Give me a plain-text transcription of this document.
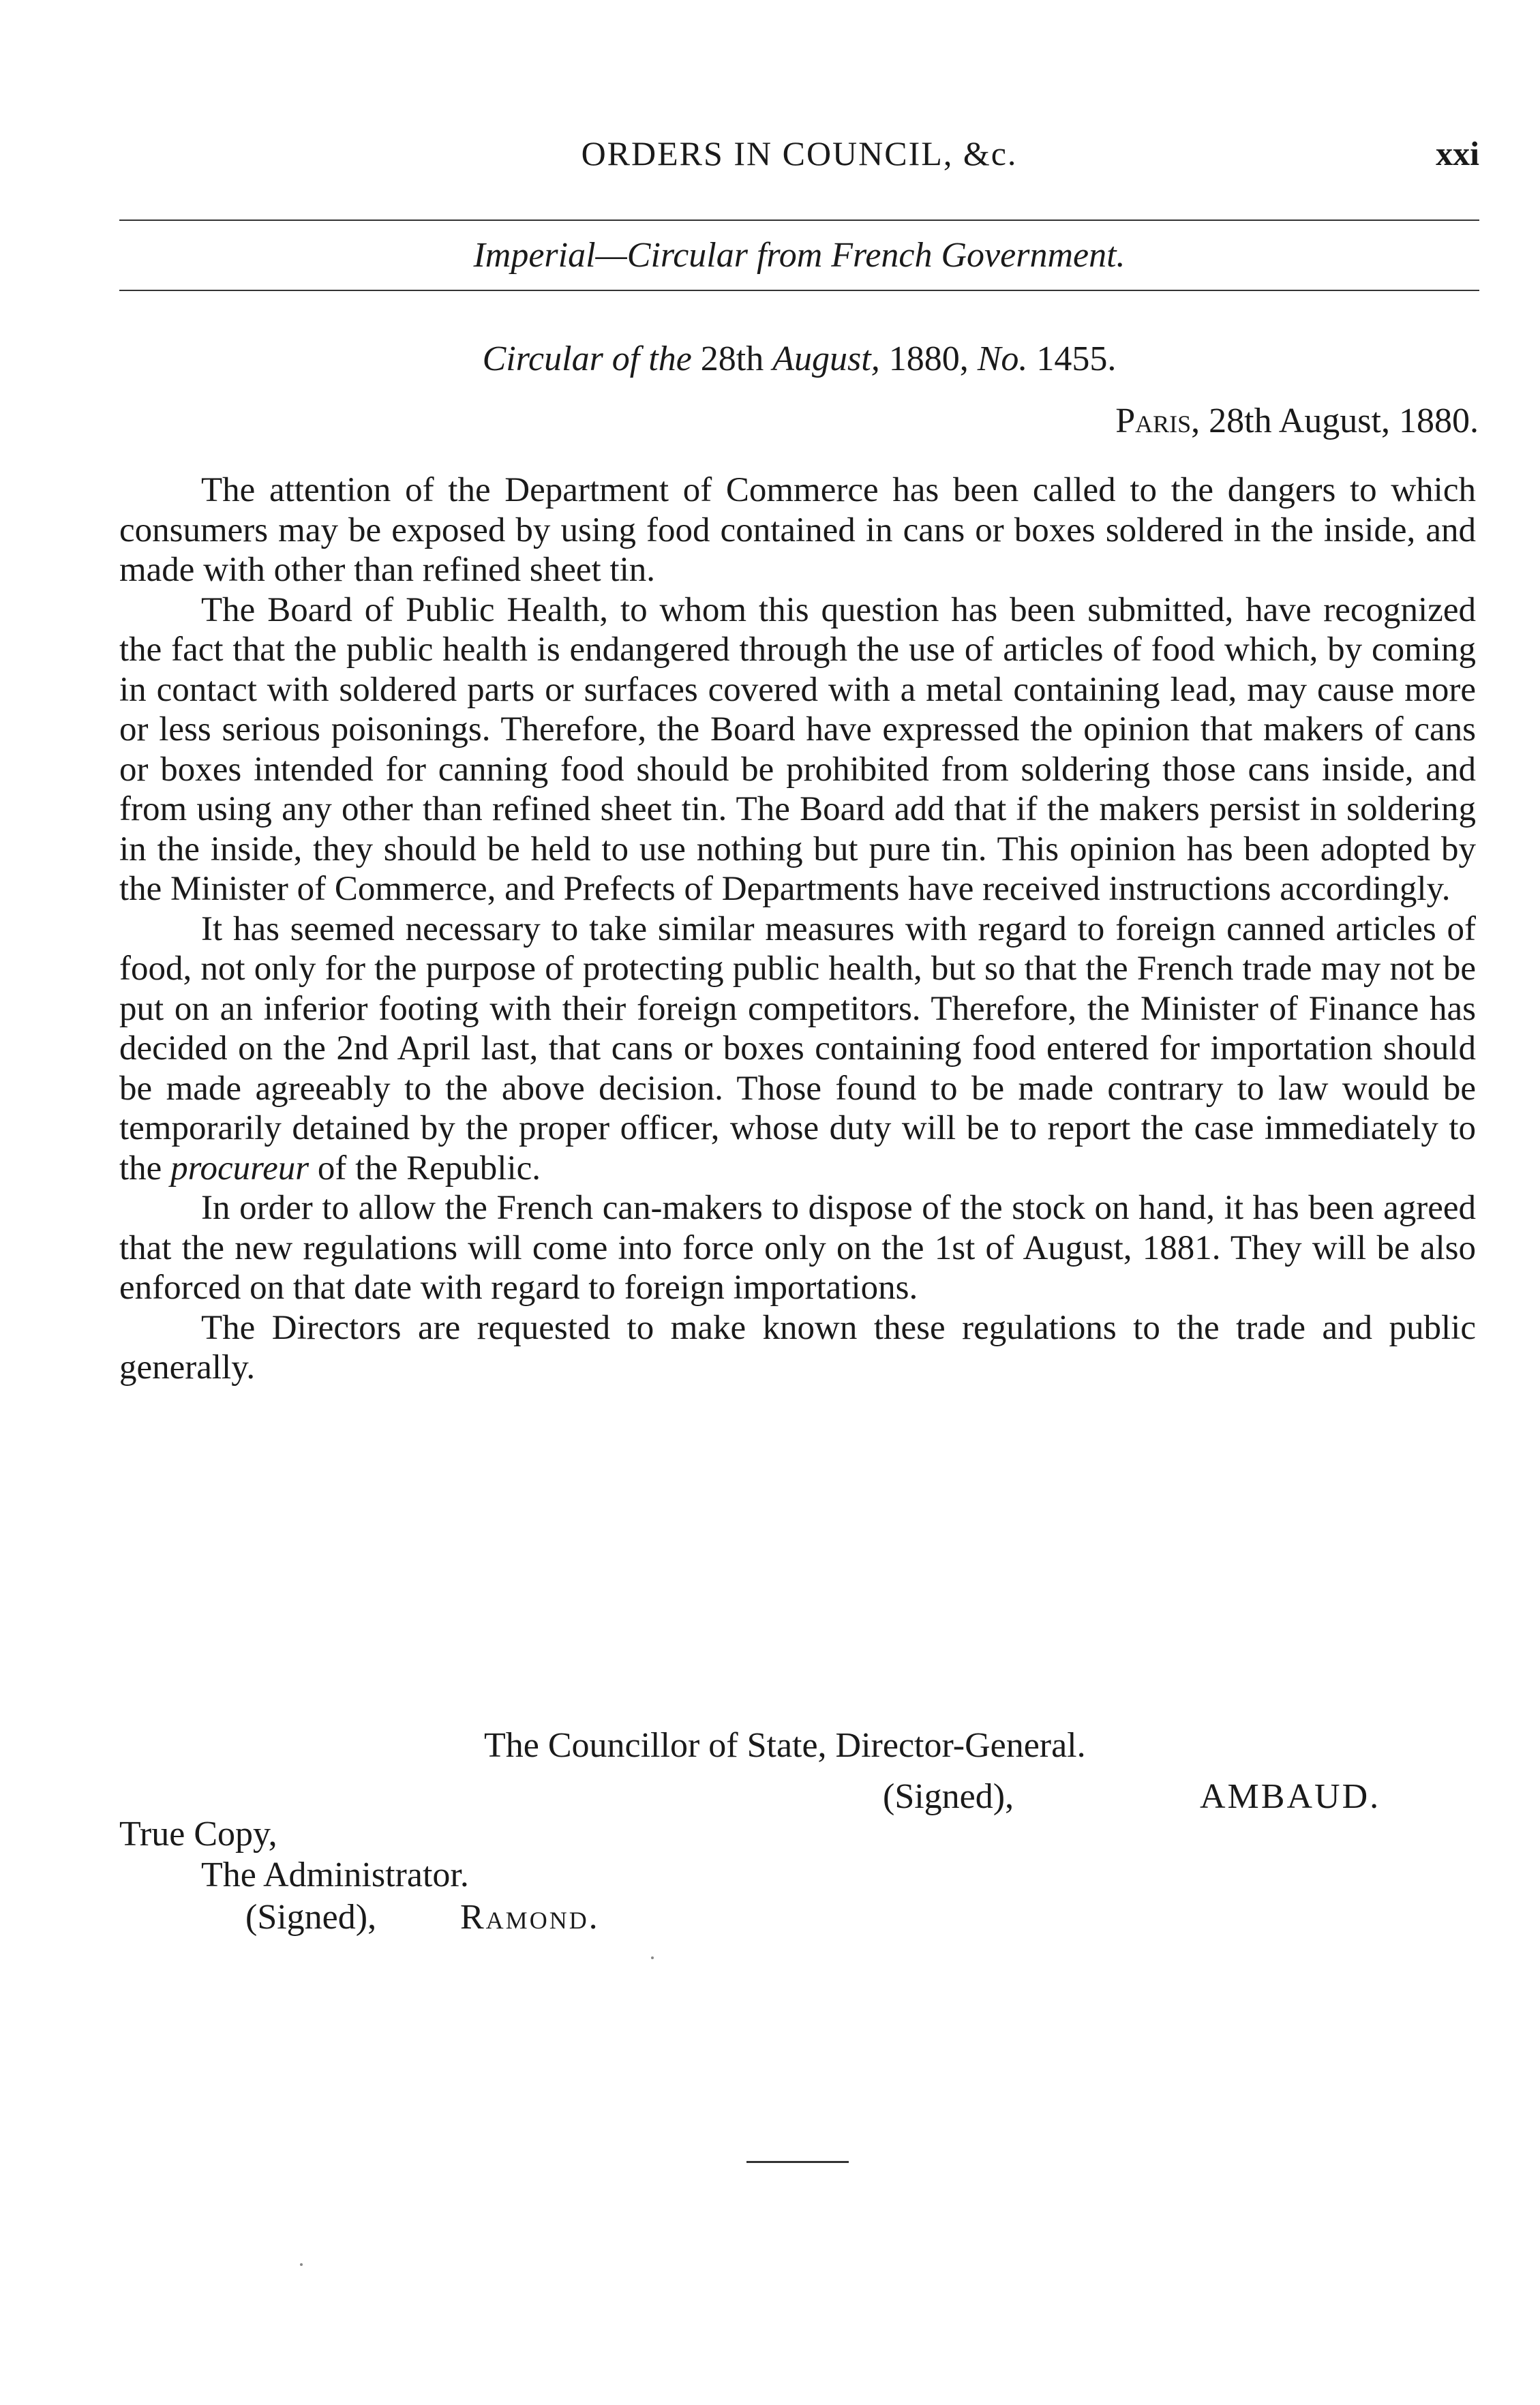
ORDERS IN COUNCIL, &c.	xxi
Imperial—Circular from French Government.
Circular of the 28th August, 1880, No. 1455.
Paris, 28th August, 1880.

The attention of the Department of Commerce has been called to the dangers to which consumers may be exposed by using food contained in cans or boxes soldered in the inside, and made with other than refined sheet tin.

The Board of Public Health, to whom this question has been submitted, have recognized the fact that the public health is endangered through the use of articles of food which, by coming in contact with soldered parts or surfaces covered with a metal containing lead, may cause more or less serious poisonings. Therefore, the Board have expressed the opinion that makers of cans or boxes intended for canning food should be prohibited from soldering those cans inside, and from using any other than refined sheet tin. The Board add that if the makers persist in soldering in the inside, they should be held to use nothing but pure tin. This opinion has been adopted by the Minister of Commerce, and Prefects of Departments have received instructions accordingly.

It has seemed necessary to take similar measures with regard to foreign canned articles of food, not only for the purpose of protecting public health, but so that the French trade may not be put on an inferior footing with their foreign competitors. Therefore, the Minister of Finance has decided on the 2nd April last, that cans or boxes containing food entered for importation should be made agreeably to the above decision. Those found to be made contrary to law would be temporarily detained by the proper officer, whose duty will be to report the case immediately to the procureur of the Republic.

In order to allow the French can-makers to dispose of the stock on hand, it has been agreed that the new regulations will come into force only on the 1st of August, 1881. They will be also enforced on that date with regard to foreign importations.

The Directors are requested to make known these regulations to the trade and public generally.

The Councillor of State, Director-General.
(Signed),	AMBAUD.
True Copy,
The Administrator.
(Signed), Ramond.
